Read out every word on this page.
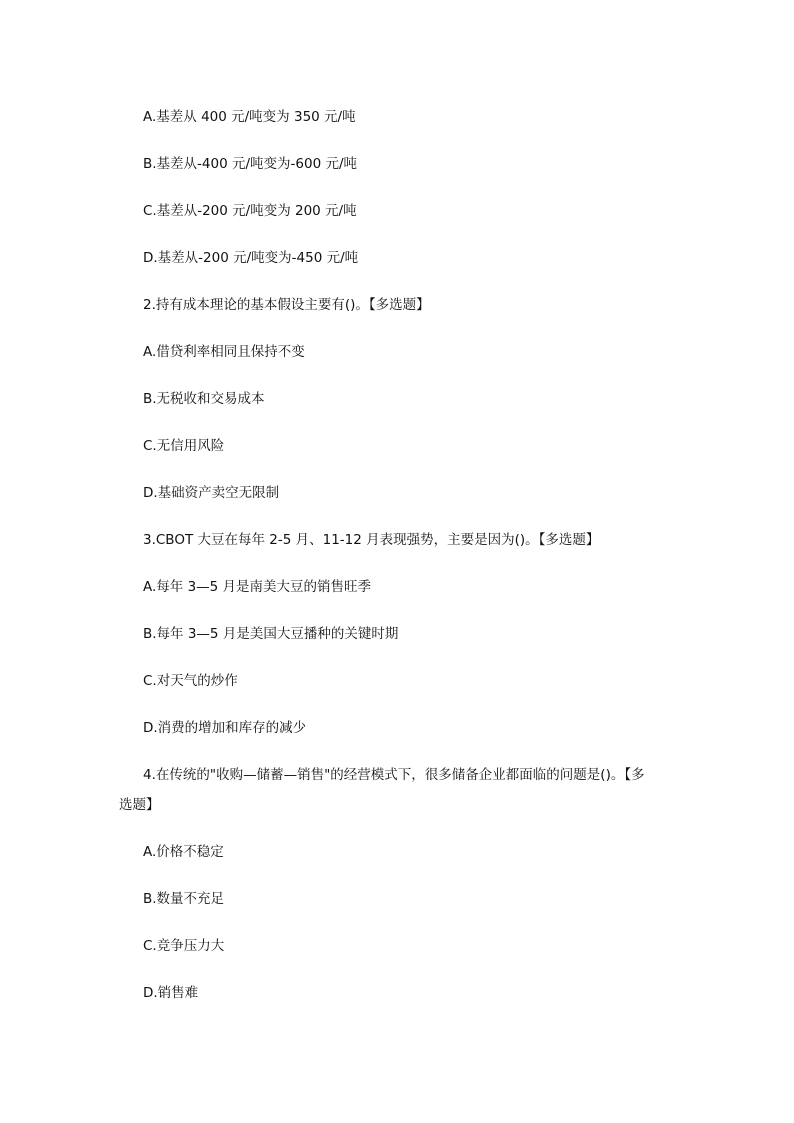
A.基差从 400 元/吨变为 350 元/吨
B.基差从-400 元/吨变为-600 元/吨
C.基差从-200 元/吨变为 200 元/吨
D.基差从-200 元/吨变为-450 元/吨
2.持有成本理论的基本假设主要有()。【多选题】
A.借贷利率相同且保持不变
B.无税收和交易成本
C.无信用风险
D.基础资产卖空无限制
3.CBOT 大豆在每年 2-5 月、11-12 月表现强势，主要是因为()。【多选题】
A.每年 3—5 月是南美大豆的销售旺季
B.每年 3—5 月是美国大豆播种的关键时期
C.对天气的炒作
D.消费的增加和库存的减少
4.在传统的"收购—储蓄—销售"的经营模式下，很多储备企业都面临的问题是()。【多
选题】
A.价格不稳定
B.数量不充足
C.竞争压力大
D.销售难
